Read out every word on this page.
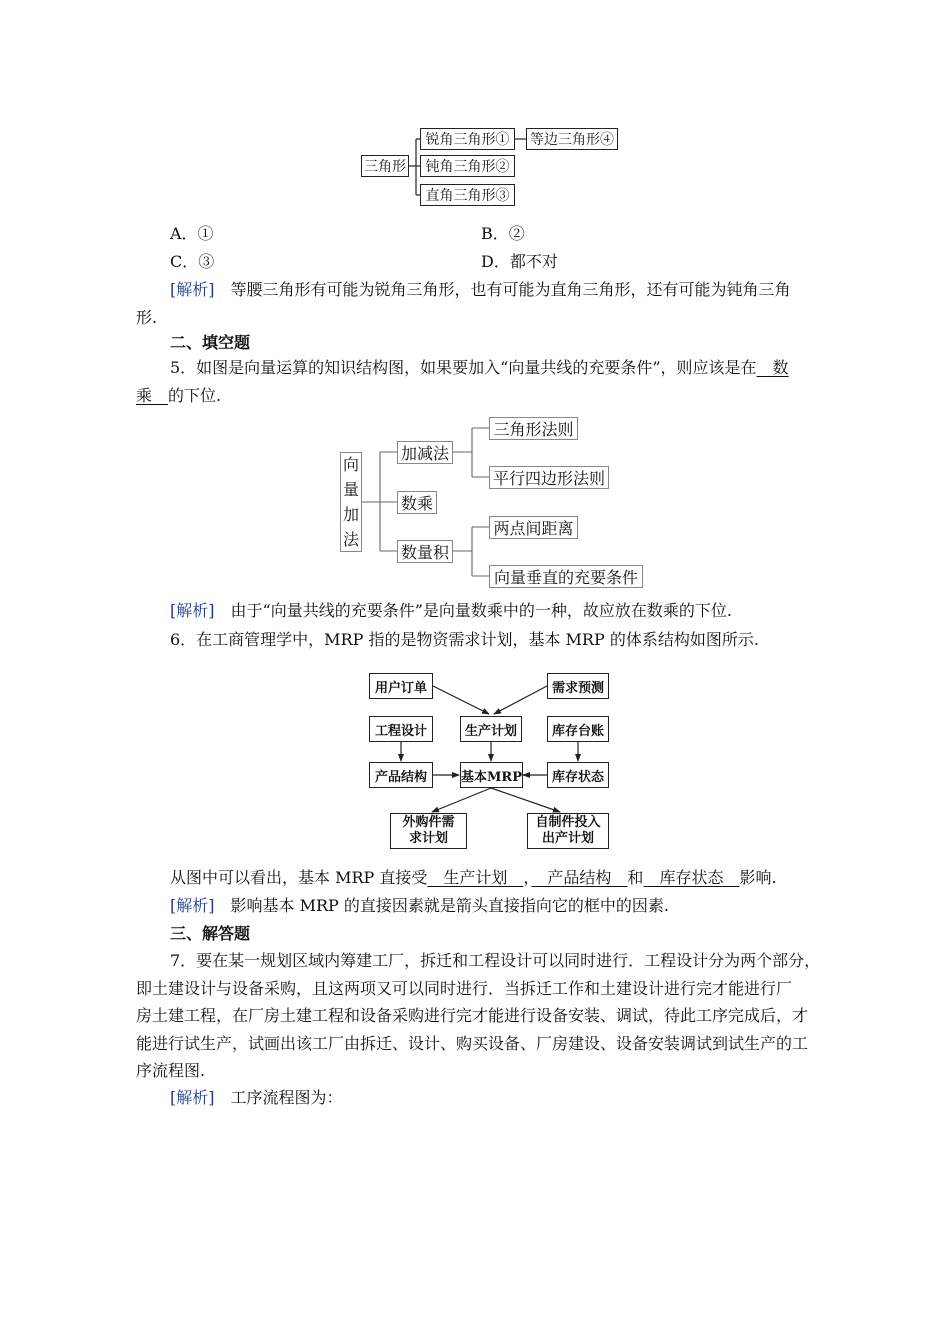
三角形
锐角三角形①	等边三角形④
钝角三角形②
直角三角形③
A．①	B．②
C．③	D．都不对
[解析]　 等腰三角形有可能为锐角三角形，也有可能为直角三角形，还有可能为钝角三角
形.
二、填空题
5．如图是向量运算的知识结构图，如果要加入“向量共线的充要条件”，则应该是在　数
乘　的下位.
向
量
加
法
加减法
三角形法则
平行四边形法则
数乘
数量积
两点间距离
向量垂直的充要条件
[解析]　 由于“向量共线的充要条件”是向量数乘中的一种，故应放在数乘的下位.
6．在工商管理学中，MRP 指的是物资需求计划，基本 MRP 的体系结构如图所示.
用户订单	需求预测
工程设计	生产计划	库存台账
产品结构	基本MRP	库存状态
外购件需
求计划
自制件投入
出产计划
从图中可以看出，基本 MRP 直接受　生产计划　，　产品结构　和　库存状态　影响.
[解析]　 影响基本 MRP 的直接因素就是箭头直接指向它的框中的因素.
三、解答题
7．要在某一规划区域内筹建工厂，拆迁和工程设计可以同时进行．工程设计分为两个部分，
即土建设计与设备采购，且这两项又可以同时进行．当拆迁工作和土建设计进行完才能进行厂
房土建工程，在厂房土建工程和设备采购进行完才能进行设备安装、调试，待此工序完成后，才
能进行试生产，试画出该工厂由拆迁、设计、购买设备、厂房建设、设备安装调试到试生产的工
序流程图.
[解析]　 工序流程图为：
